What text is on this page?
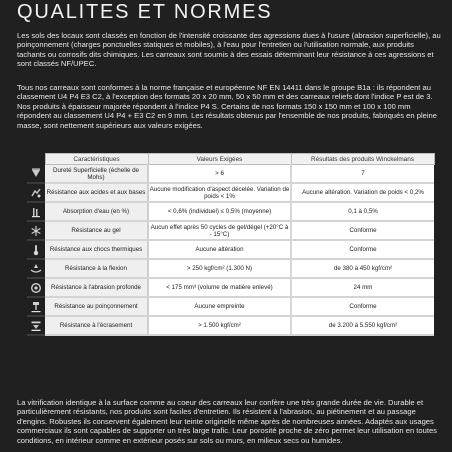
QUALITES ET NORMES

Les sols des locaux sont classés en fonction de l'intensité croissante des agressions dues à l'usure (abrasion superficielle), au poinçonnement (charges ponctuelles statiques et mobiles), à l'eau pour l'entretien ou l'utilisation normale, aux produits tachants ou corrosifs dits chimiques. Les carreaux sont soumis à des essais déterminant leur résistance à ces agressions et sont classés NF/UPEC.

Tous nos carreaux sont conformes à la norme française et européenne NF EN 14411 dans le groupe B1a : ils répondent au classement U4 P4 E3 C2, à l'exception des formats 20 x 20 mm, 50 x 50 mm et des carreaux reliefs dont l'indice P est de 3. Nos produits à épaisseur majorée répondent à l'indice P4 S. Certains de nos formats 150 x 150 mm et 100 x 100 mm répondent au classement U4 P4 + E3 C2 en 9 mm. Les résultats obtenus par l'ensemble de nos produits, fabriqués en pleine masse, sont nettement supérieurs aux valeurs exigées.

	Caractéristiques	Valeurs Exigées	Résultats des produits Winckelmans

	Dureté Superficielle (échelle de Mohs)	> 6	7

	Résistance aux acides et aux bases	Aucune modification d'aspect décelée. Variation de poids < 1%	Aucune altération. Variation de poids < 0,2%

	Absorption d'eau (en %)	< 0,6% (individuel) ≤ 0,5% (moyenne)	0,1 à 0,5%

	Résistance au gel	Aucun effet après 50 cycles de gel/dégel (+20°C à - 15°C)	Conforme

	Résistance aux chocs thermiques	Aucune altération	Conforme

	Résistance à la flexion	> 250 kgf/cm² (1.300 N)	de 380 à 450 kgf/cm²

	Résistance à l'abrasion profonde	< 175 mm³ (volume de matière enlevé)	24 mm

	Résistance au poinçonnement	Aucune empreinte	Conforme

	Résistance à l'écrasement	> 1.500 kgf/cm²	de 3.200 à 5.550 kgf/cm²

La vitrification identique à la surface comme au coeur des carreaux leur confère une très grande durée de vie. Durable et particulièrement résistants, nos produits sont faciles d'entretien. Ils résistent à l'abrasion, au piétinement et au passage d'engins. Robustes ils conservent également leur teinte originelle même après de nombreuses années. Adaptés aux usages commerciaux ils sont capables de supporter un très large trafic. Leur porosité proche de zéro permet leur utilisation en toutes conditions, en intérieur comme en extérieur posés sur sols ou murs, en milieux secs ou humides.
